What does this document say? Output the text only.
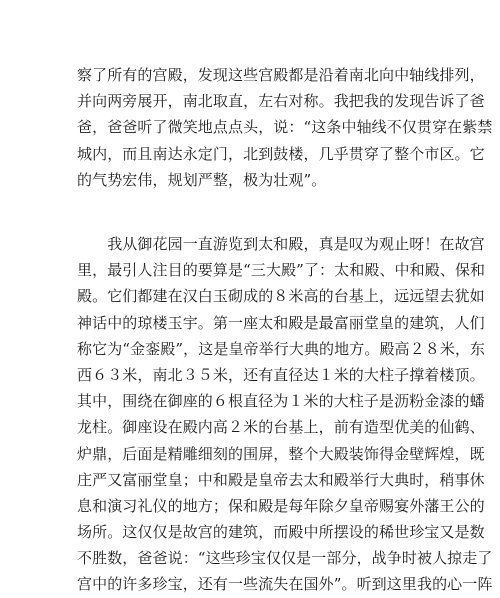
察了所有的宫殿，发现这些宫殿都是沿着南北向中轴线排列，
并向两旁展开，南北取直，左右对称。我把我的发现告诉了爸
爸，爸爸听了微笑地点点头，说：“这条中轴线不仅贯穿在紫禁
城内，而且南达永定门，北到鼓楼，几乎贯穿了整个市区。它
的气势宏伟，规划严整，极为壮观”。
　　我从御花园一直游览到太和殿，真是叹为观止呀！在故宫
里，最引人注目的要算是“三大殿”了：太和殿、中和殿、保和
殿。它们都建在汉白玉砌成的８米高的台基上，远远望去犹如
神话中的琼楼玉宇。第一座太和殿是最富丽堂皇的建筑，人们
称它为“金銮殿”，这是皇帝举行大典的地方。殿高２８米，东
西６３米，南北３５米，还有直径达１米的大柱子撑着楼顶。
其中，围绕在御座的６根直径为１米的大柱子是沥粉金漆的蟠
龙柱。御座设在殿内高２米的台基上，前有造型优美的仙鹤、
炉鼎，后面是精雕细刻的围屏，整个大殿装饰得金壁辉煌，既
庄严又富丽堂皇；中和殿是皇帝去太和殿举行大典时，稍事休
息和演习礼仪的地方；保和殿是每年除夕皇帝赐宴外藩王公的
场所。这仅仅是故宫的建筑，而殿中所摆设的稀世珍宝又是数
不胜数，爸爸说：“这些珍宝仅仅是一部分，战争时被人掠走了
宫中的许多珍宝，还有一些流失在国外”。听到这里我的心一阵
